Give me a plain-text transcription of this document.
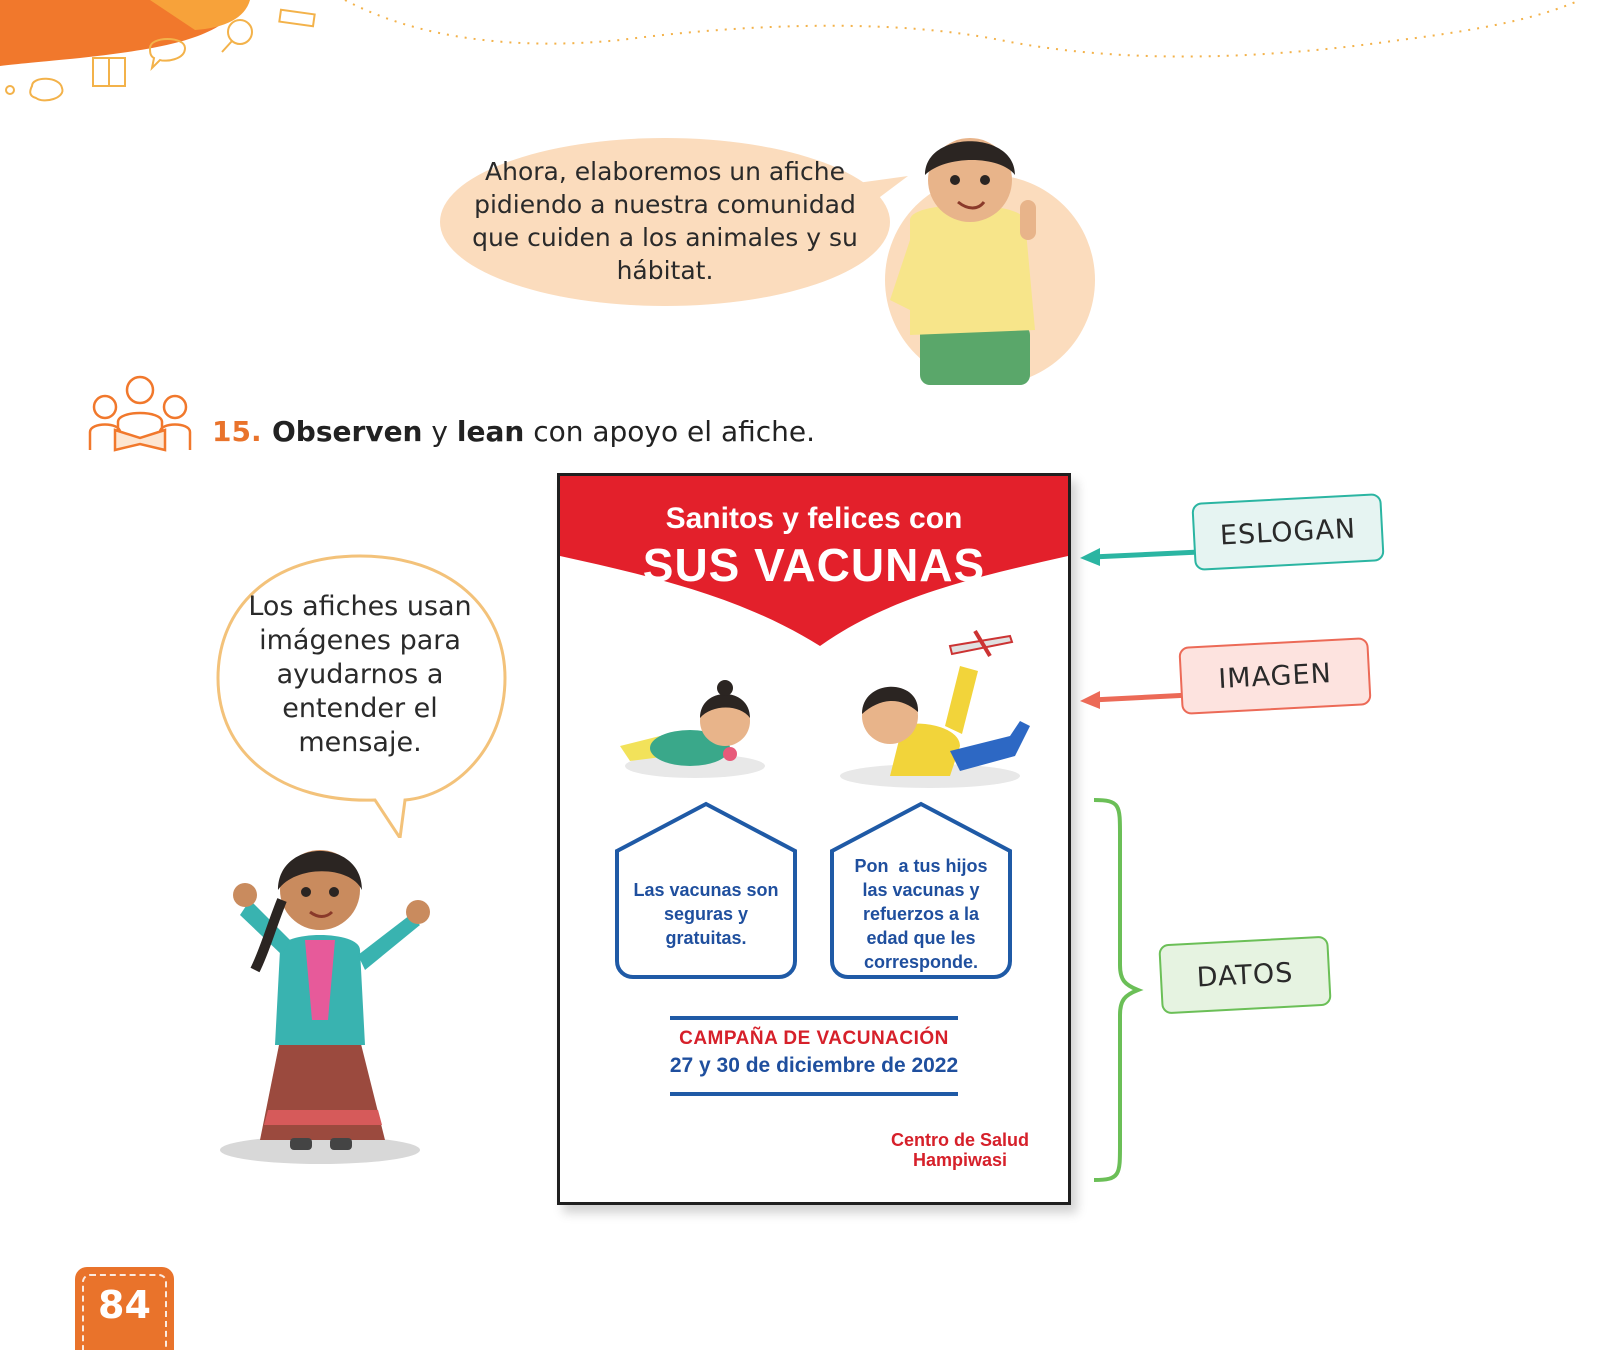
Ahora, elaboremos un afiche pidiendo a nuestra comunidad que cuiden a los animales y su hábitat.
15. Observen y lean con apoyo el afiche.
Sanitos y felices con
SUS VACUNAS
Las vacunas son seguras y gratuitas.
Pon  a tus hijos las vacunas y refuerzos a la edad que les corresponde.
CAMPAÑA DE VACUNACIÓN
27 y 30 de diciembre de 2022
Centro de Salud Hampiwasi
ESLOGAN
IMAGEN
DATOS
Los afiches usan imágenes para ayudarnos a entender el mensaje.
84
